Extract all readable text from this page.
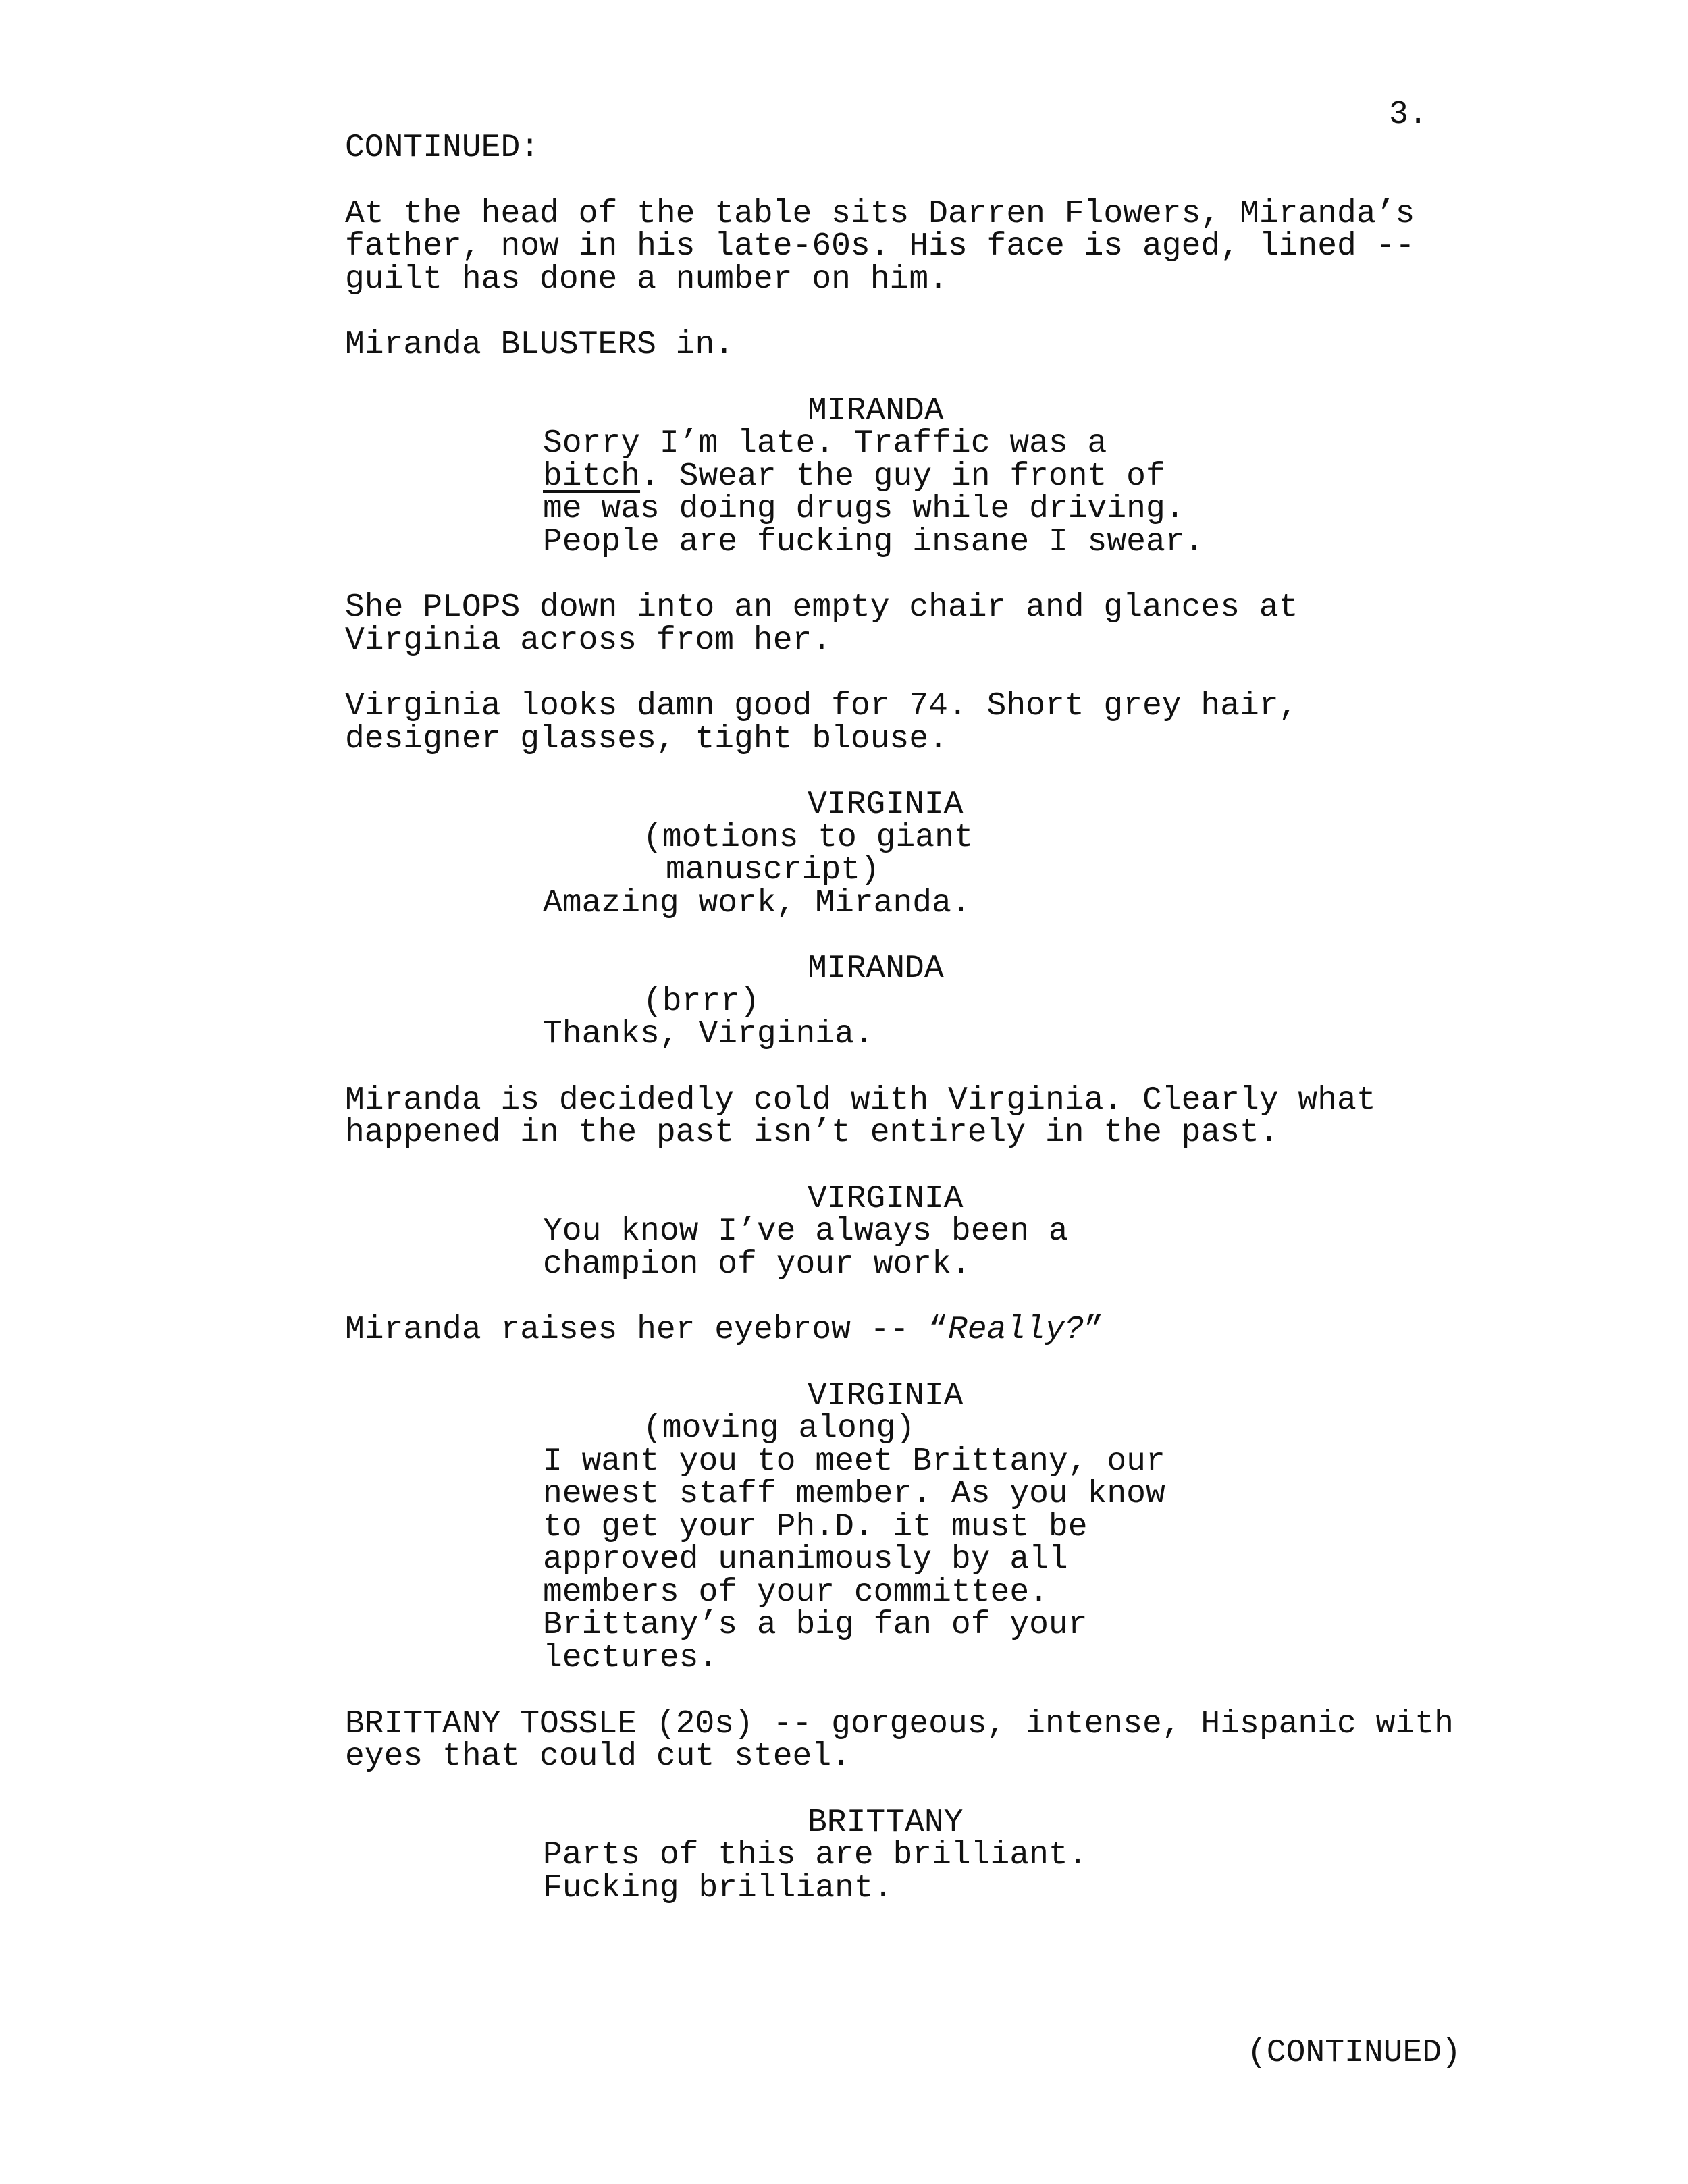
3.
CONTINUED:
At the head of the table sits Darren Flowers, Miranda’s
father, now in his late-60s. His face is aged, lined --
guilt has done a number on him.
Miranda BLUSTERS in.
MIRANDA
Sorry I’m late. Traffic was a
bitch. Swear the guy in front of
me was doing drugs while driving.
People are fucking insane I swear.
She PLOPS down into an empty chair and glances at
Virginia across from her.
Virginia looks damn good for 74. Short grey hair,
designer glasses, tight blouse.
VIRGINIA
(motions to giant
manuscript)
Amazing work, Miranda.
MIRANDA
(brrr)
Thanks, Virginia.
Miranda is decidedly cold with Virginia. Clearly what
happened in the past isn’t entirely in the past.
VIRGINIA
You know I’ve always been a
champion of your work.
Miranda raises her eyebrow -- “Really?”
VIRGINIA
(moving along)
I want you to meet Brittany, our
newest staff member. As you know
to get your Ph.D. it must be
approved unanimously by all
members of your committee.
Brittany’s a big fan of your
lectures.
BRITTANY TOSSLE (20s) -- gorgeous, intense, Hispanic with
eyes that could cut steel.
BRITTANY
Parts of this are brilliant.
Fucking brilliant.
(CONTINUED)
